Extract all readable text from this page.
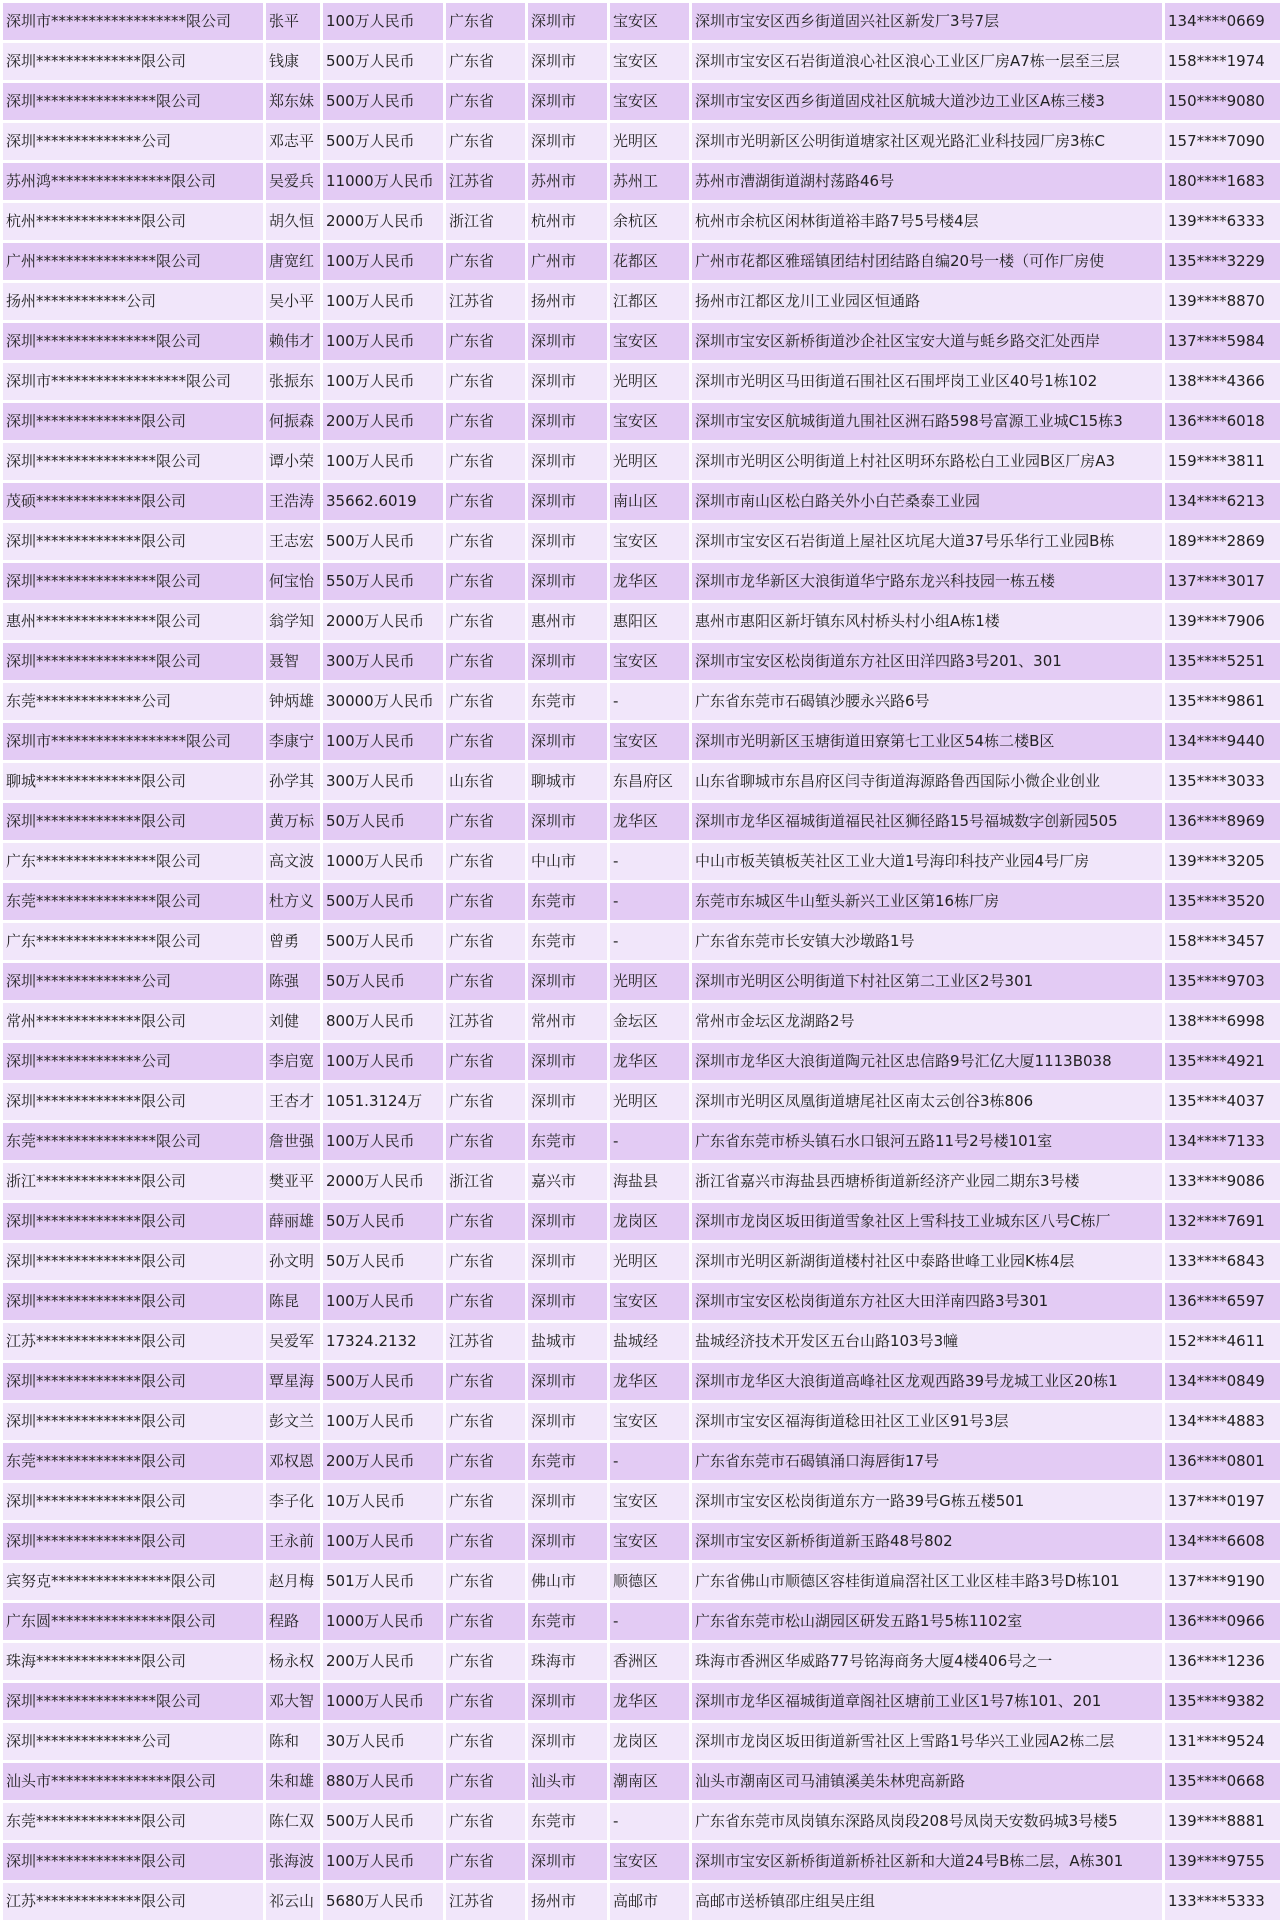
深圳市******************限公司	张平	100万人民币	广东省	深圳市	宝安区	深圳市宝安区西乡街道固兴社区新发厂3号7层	134****0669
深圳**************限公司	钱康	500万人民币	广东省	深圳市	宝安区	深圳市宝安区石岩街道浪心社区浪心工业区厂房A7栋一层至三层	158****1974
深圳****************限公司	郑东妹	500万人民币	广东省	深圳市	宝安区	深圳市宝安区西乡街道固戍社区航城大道沙边工业区A栋三楼3	150****9080
深圳**************公司	邓志平	500万人民币	广东省	深圳市	光明区	深圳市光明新区公明街道塘家社区观光路汇业科技园厂房3栋C	157****7090
苏州鸿****************限公司	吴爱兵	11000万人民币	江苏省	苏州市	苏州工	苏州市漕湖街道湖村荡路46号	180****1683
杭州**************限公司	胡久恒	2000万人民币	浙江省	杭州市	余杭区	杭州市余杭区闲林街道裕丰路7号5号楼4层	139****6333
广州****************限公司	唐宽红	100万人民币	广东省	广州市	花都区	广州市花都区雅瑶镇团结村团结路自编20号一楼（可作厂房使	135****3229
扬州************公司	吴小平	100万人民币	江苏省	扬州市	江都区	扬州市江都区龙川工业园区恒通路	139****8870
深圳****************限公司	赖伟才	100万人民币	广东省	深圳市	宝安区	深圳市宝安区新桥街道沙企社区宝安大道与蚝乡路交汇处西岸	137****5984
深圳市******************限公司	张振东	100万人民币	广东省	深圳市	光明区	深圳市光明区马田街道石围社区石围坪岗工业区40号1栋102	138****4366
深圳**************限公司	何振森	200万人民币	广东省	深圳市	宝安区	深圳市宝安区航城街道九围社区洲石路598号富源工业城C15栋3	136****6018
深圳****************限公司	谭小荣	100万人民币	广东省	深圳市	光明区	深圳市光明区公明街道上村社区明环东路松白工业园B区厂房A3	159****3811
茂硕**************限公司	王浩涛	35662.6019	广东省	深圳市	南山区	深圳市南山区松白路关外小白芒桑泰工业园	134****6213
深圳**************限公司	王志宏	500万人民币	广东省	深圳市	宝安区	深圳市宝安区石岩街道上屋社区坑尾大道37号乐华行工业园B栋	189****2869
深圳****************限公司	何宝怡	550万人民币	广东省	深圳市	龙华区	深圳市龙华新区大浪街道华宁路东龙兴科技园一栋五楼	137****3017
惠州****************限公司	翁学知	2000万人民币	广东省	惠州市	惠阳区	惠州市惠阳区新圩镇东风村桥头村小组A栋1楼	139****7906
深圳****************限公司	聂智	300万人民币	广东省	深圳市	宝安区	深圳市宝安区松岗街道东方社区田洋四路3号201、301	135****5251
东莞**************公司	钟炳雄	30000万人民币	广东省	东莞市	-	广东省东莞市石碣镇沙腰永兴路6号	135****9861
深圳市******************限公司	李康宁	100万人民币	广东省	深圳市	宝安区	深圳市光明新区玉塘街道田寮第七工业区54栋二楼B区	134****9440
聊城**************限公司	孙学其	300万人民币	山东省	聊城市	东昌府区	山东省聊城市东昌府区闫寺街道海源路鲁西国际小微企业创业	135****3033
深圳**************限公司	黄万标	50万人民币	广东省	深圳市	龙华区	深圳市龙华区福城街道福民社区狮径路15号福城数字创新园505	136****8969
广东****************限公司	高文波	1000万人民币	广东省	中山市	-	中山市板芙镇板芙社区工业大道1号海印科技产业园4号厂房	139****3205
东莞****************限公司	杜方义	500万人民币	广东省	东莞市	-	东莞市东城区牛山堑头新兴工业区第16栋厂房	135****3520
广东****************限公司	曾勇	500万人民币	广东省	东莞市	-	广东省东莞市长安镇大沙墩路1号	158****3457
深圳**************公司	陈强	50万人民币	广东省	深圳市	光明区	深圳市光明区公明街道下村社区第二工业区2号301	135****9703
常州**************限公司	刘健	800万人民币	江苏省	常州市	金坛区	常州市金坛区龙湖路2号	138****6998
深圳**************公司	李启宽	100万人民币	广东省	深圳市	龙华区	深圳市龙华区大浪街道陶元社区忠信路9号汇亿大厦1113B038	135****4921
深圳**************限公司	王杏才	1051.3124万	广东省	深圳市	光明区	深圳市光明区凤凰街道塘尾社区南太云创谷3栋806	135****4037
东莞****************限公司	詹世强	100万人民币	广东省	东莞市	-	广东省东莞市桥头镇石水口银河五路11号2号楼101室	134****7133
浙江**************限公司	樊亚平	2000万人民币	浙江省	嘉兴市	海盐县	浙江省嘉兴市海盐县西塘桥街道新经济产业园二期东3号楼	133****9086
深圳**************限公司	薛丽雄	50万人民币	广东省	深圳市	龙岗区	深圳市龙岗区坂田街道雪象社区上雪科技工业城东区八号C栋厂	132****7691
深圳**************限公司	孙文明	50万人民币	广东省	深圳市	光明区	深圳市光明区新湖街道楼村社区中泰路世峰工业园K栋4层	133****6843
深圳**************限公司	陈昆	100万人民币	广东省	深圳市	宝安区	深圳市宝安区松岗街道东方社区大田洋南四路3号301	136****6597
江苏**************限公司	吴爱军	17324.2132	江苏省	盐城市	盐城经	盐城经济技术开发区五台山路103号3幢	152****4611
深圳**************限公司	覃星海	500万人民币	广东省	深圳市	龙华区	深圳市龙华区大浪街道高峰社区龙观西路39号龙城工业区20栋1	134****0849
深圳**************限公司	彭文兰	100万人民币	广东省	深圳市	宝安区	深圳市宝安区福海街道稔田社区工业区91号3层	134****4883
东莞**************限公司	邓权恩	200万人民币	广东省	东莞市	-	广东省东莞市石碣镇涌口海唇街17号	136****0801
深圳**************限公司	李子化	10万人民币	广东省	深圳市	宝安区	深圳市宝安区松岗街道东方一路39号G栋五楼501	137****0197
深圳**************限公司	王永前	100万人民币	广东省	深圳市	宝安区	深圳市宝安区新桥街道新玉路48号802	134****6608
宾努克****************限公司	赵月梅	501万人民币	广东省	佛山市	顺德区	广东省佛山市顺德区容桂街道扁滘社区工业区桂丰路3号D栋101	137****9190
广东圆****************限公司	程路	1000万人民币	广东省	东莞市	-	广东省东莞市松山湖园区研发五路1号5栋1102室	136****0966
珠海**************限公司	杨永权	200万人民币	广东省	珠海市	香洲区	珠海市香洲区华威路77号铭海商务大厦4楼406号之一	136****1236
深圳****************限公司	邓大智	1000万人民币	广东省	深圳市	龙华区	深圳市龙华区福城街道章阁社区塘前工业区1号7栋101、201	135****9382
深圳**************公司	陈和	30万人民币	广东省	深圳市	龙岗区	深圳市龙岗区坂田街道新雪社区上雪路1号华兴工业园A2栋二层	131****9524
汕头市****************限公司	朱和雄	880万人民币	广东省	汕头市	潮南区	汕头市潮南区司马浦镇溪美朱林兜高新路	135****0668
东莞**************限公司	陈仁双	500万人民币	广东省	东莞市	-	广东省东莞市凤岗镇东深路凤岗段208号凤岗天安数码城3号楼5	139****8881
深圳**************限公司	张海波	100万人民币	广东省	深圳市	宝安区	深圳市宝安区新桥街道新桥社区新和大道24号B栋二层，A栋301	139****9755
江苏**************限公司	祁云山	5680万人民币	江苏省	扬州市	高邮市	高邮市送桥镇邵庄组吴庄组	133****5333
